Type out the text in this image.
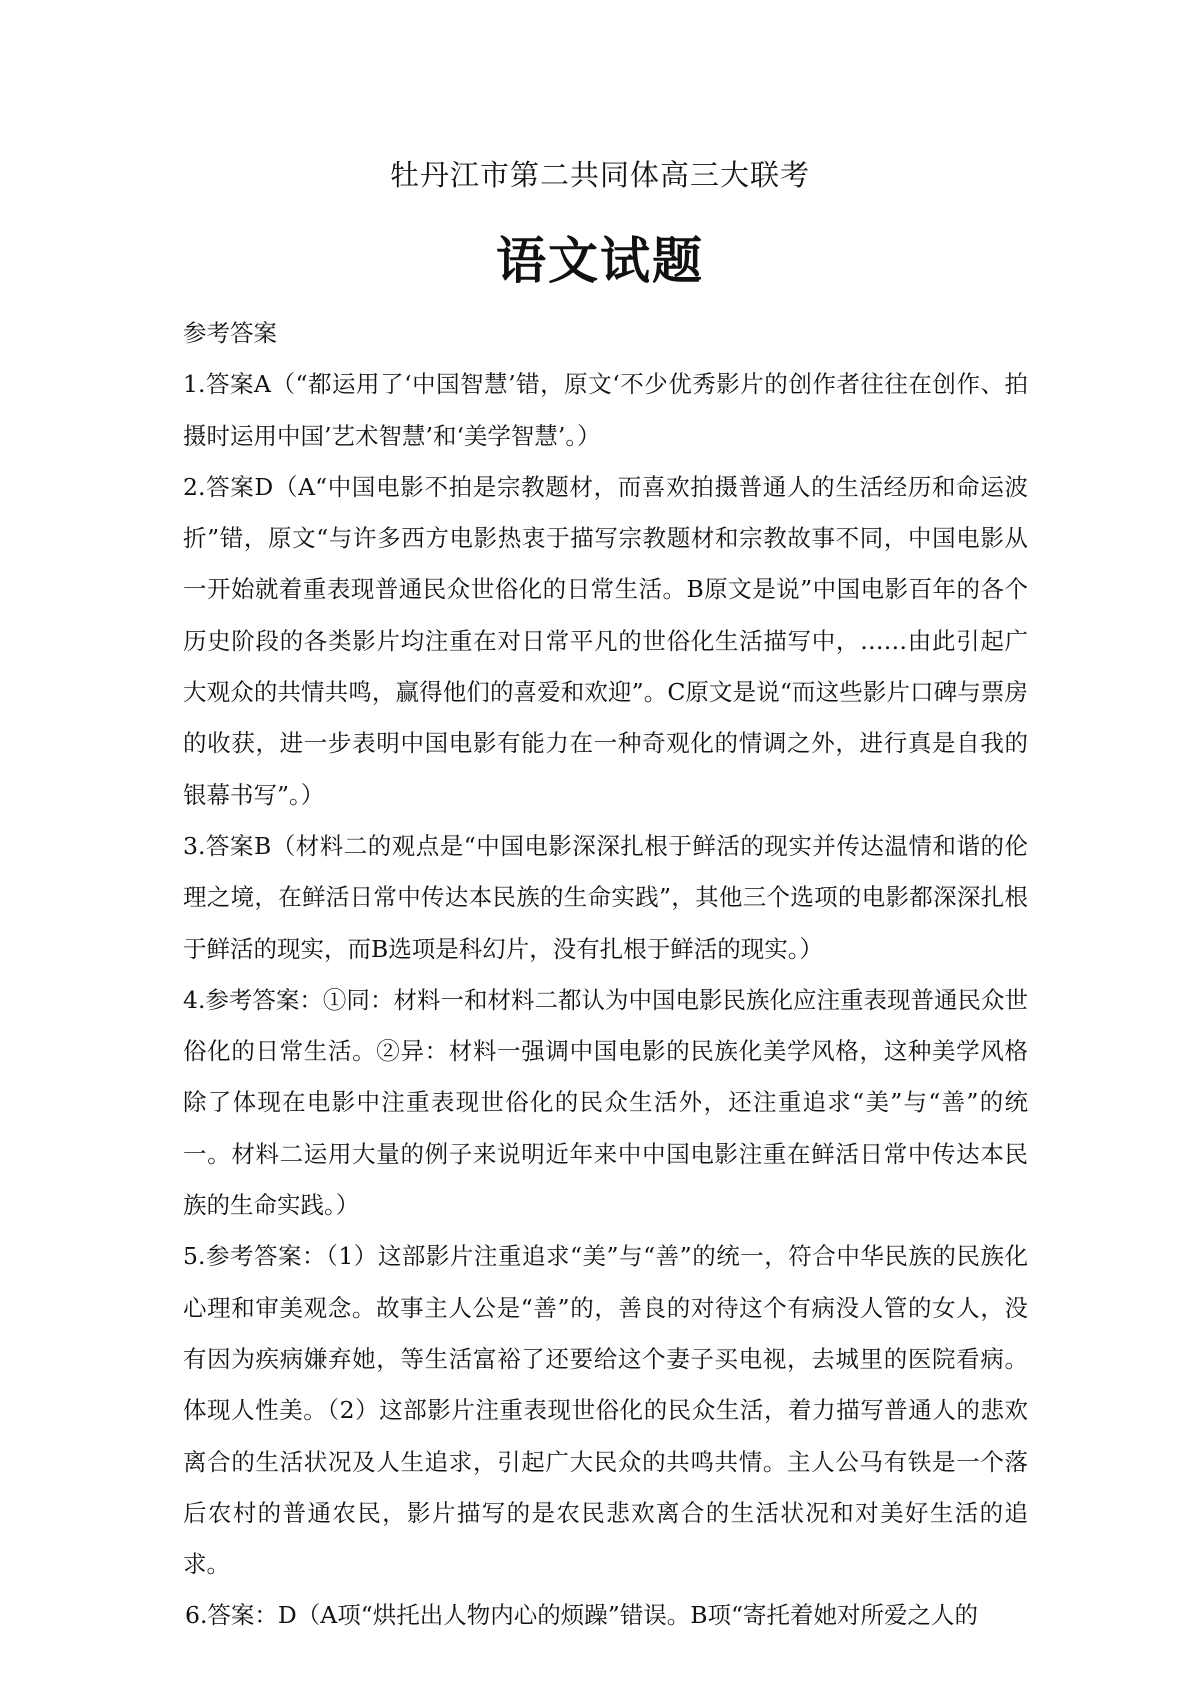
牡丹江市第二共同体高三大联考
语文试题

参考答案

1.答案A（“都运用了‘中国智慧’错，原文‘不少优秀影片的创作者往往在创作、拍摄时运用中国’艺术智慧’和‘美学智慧’。）

2.答案D（A“中国电影不拍是宗教题材，而喜欢拍摄普通人的生活经历和命运波折”错，原文“与许多西方电影热衷于描写宗教题材和宗教故事不同，中国电影从一开始就着重表现普通民众世俗化的日常生活。B原文是说”中国电影百年的各个历史阶段的各类影片均注重在对日常平凡的世俗化生活描写中，……由此引起广大观众的共情共鸣，赢得他们的喜爱和欢迎”。C原文是说“而这些影片口碑与票房的收获，进一步表明中国电影有能力在一种奇观化的情调之外，进行真是自我的银幕书写”。）

3.答案B（材料二的观点是“中国电影深深扎根于鲜活的现实并传达温情和谐的伦理之境，在鲜活日常中传达本民族的生命实践”，其他三个选项的电影都深深扎根于鲜活的现实，而B选项是科幻片，没有扎根于鲜活的现实。）

4.参考答案：①同：材料一和材料二都认为中国电影民族化应注重表现普通民众世俗化的日常生活。②异：材料一强调中国电影的民族化美学风格，这种美学风格除了体现在电影中注重表现世俗化的民众生活外，还注重追求“美”与“善”的统一。材料二运用大量的例子来说明近年来中中国电影注重在鲜活日常中传达本民族的生命实践。）

5.参考答案：（1）这部影片注重追求“美”与“善”的统一，符合中华民族的民族化心理和审美观念。故事主人公是“善”的，善良的对待这个有病没人管的女人，没有因为疾病嫌弃她，等生活富裕了还要给这个妻子买电视，去城里的医院看病。体现人性美。（2）这部影片注重表现世俗化的民众生活，着力描写普通人的悲欢离合的生活状况及人生追求，引起广大民众的共鸣共情。主人公马有铁是一个落后农村的普通农民，影片描写的是农民悲欢离合的生活状况和对美好生活的追求。

6.答案：D（A项“烘托出人物内心的烦躁”错误。B项“寄托着她对所爱之人的
